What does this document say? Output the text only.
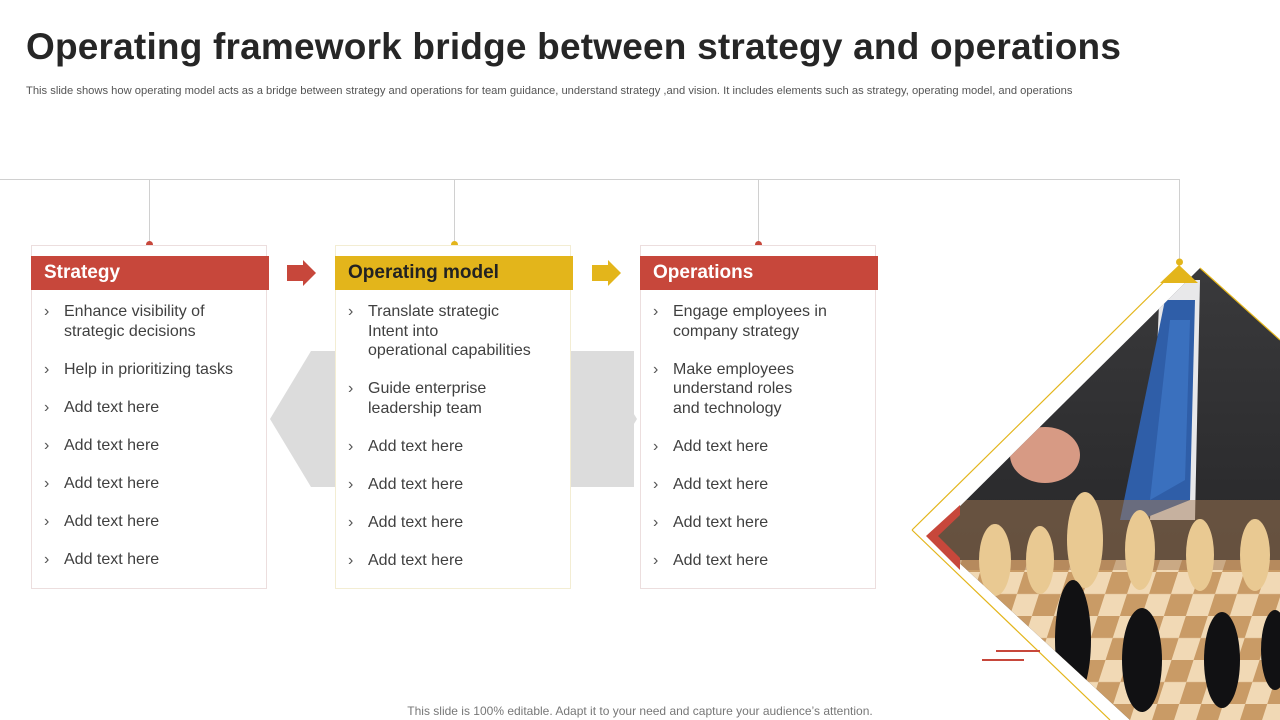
Operating framework bridge between strategy and operations

This slide shows how operating model acts as a bridge between strategy and operations for team guidance, understand strategy ,and vision. It includes elements such as strategy, operating model, and operations

Strategy
› Enhance visibility of
strategic decisions
› Help in prioritizing tasks
› Add text here
› Add text here
› Add text here
› Add text here
› Add text here
Operating model
› Translate strategic
Intent into
operational capabilities
› Guide enterprise
leadership team
› Add text here
› Add text here
› Add text here
› Add text here
Operations
› Engage employees in
company strategy
› Make employees
understand roles
and technology
› Add text here
› Add text here
› Add text here
› Add text here
This slide is 100% editable. Adapt it to your need and capture your audience’s attention.
